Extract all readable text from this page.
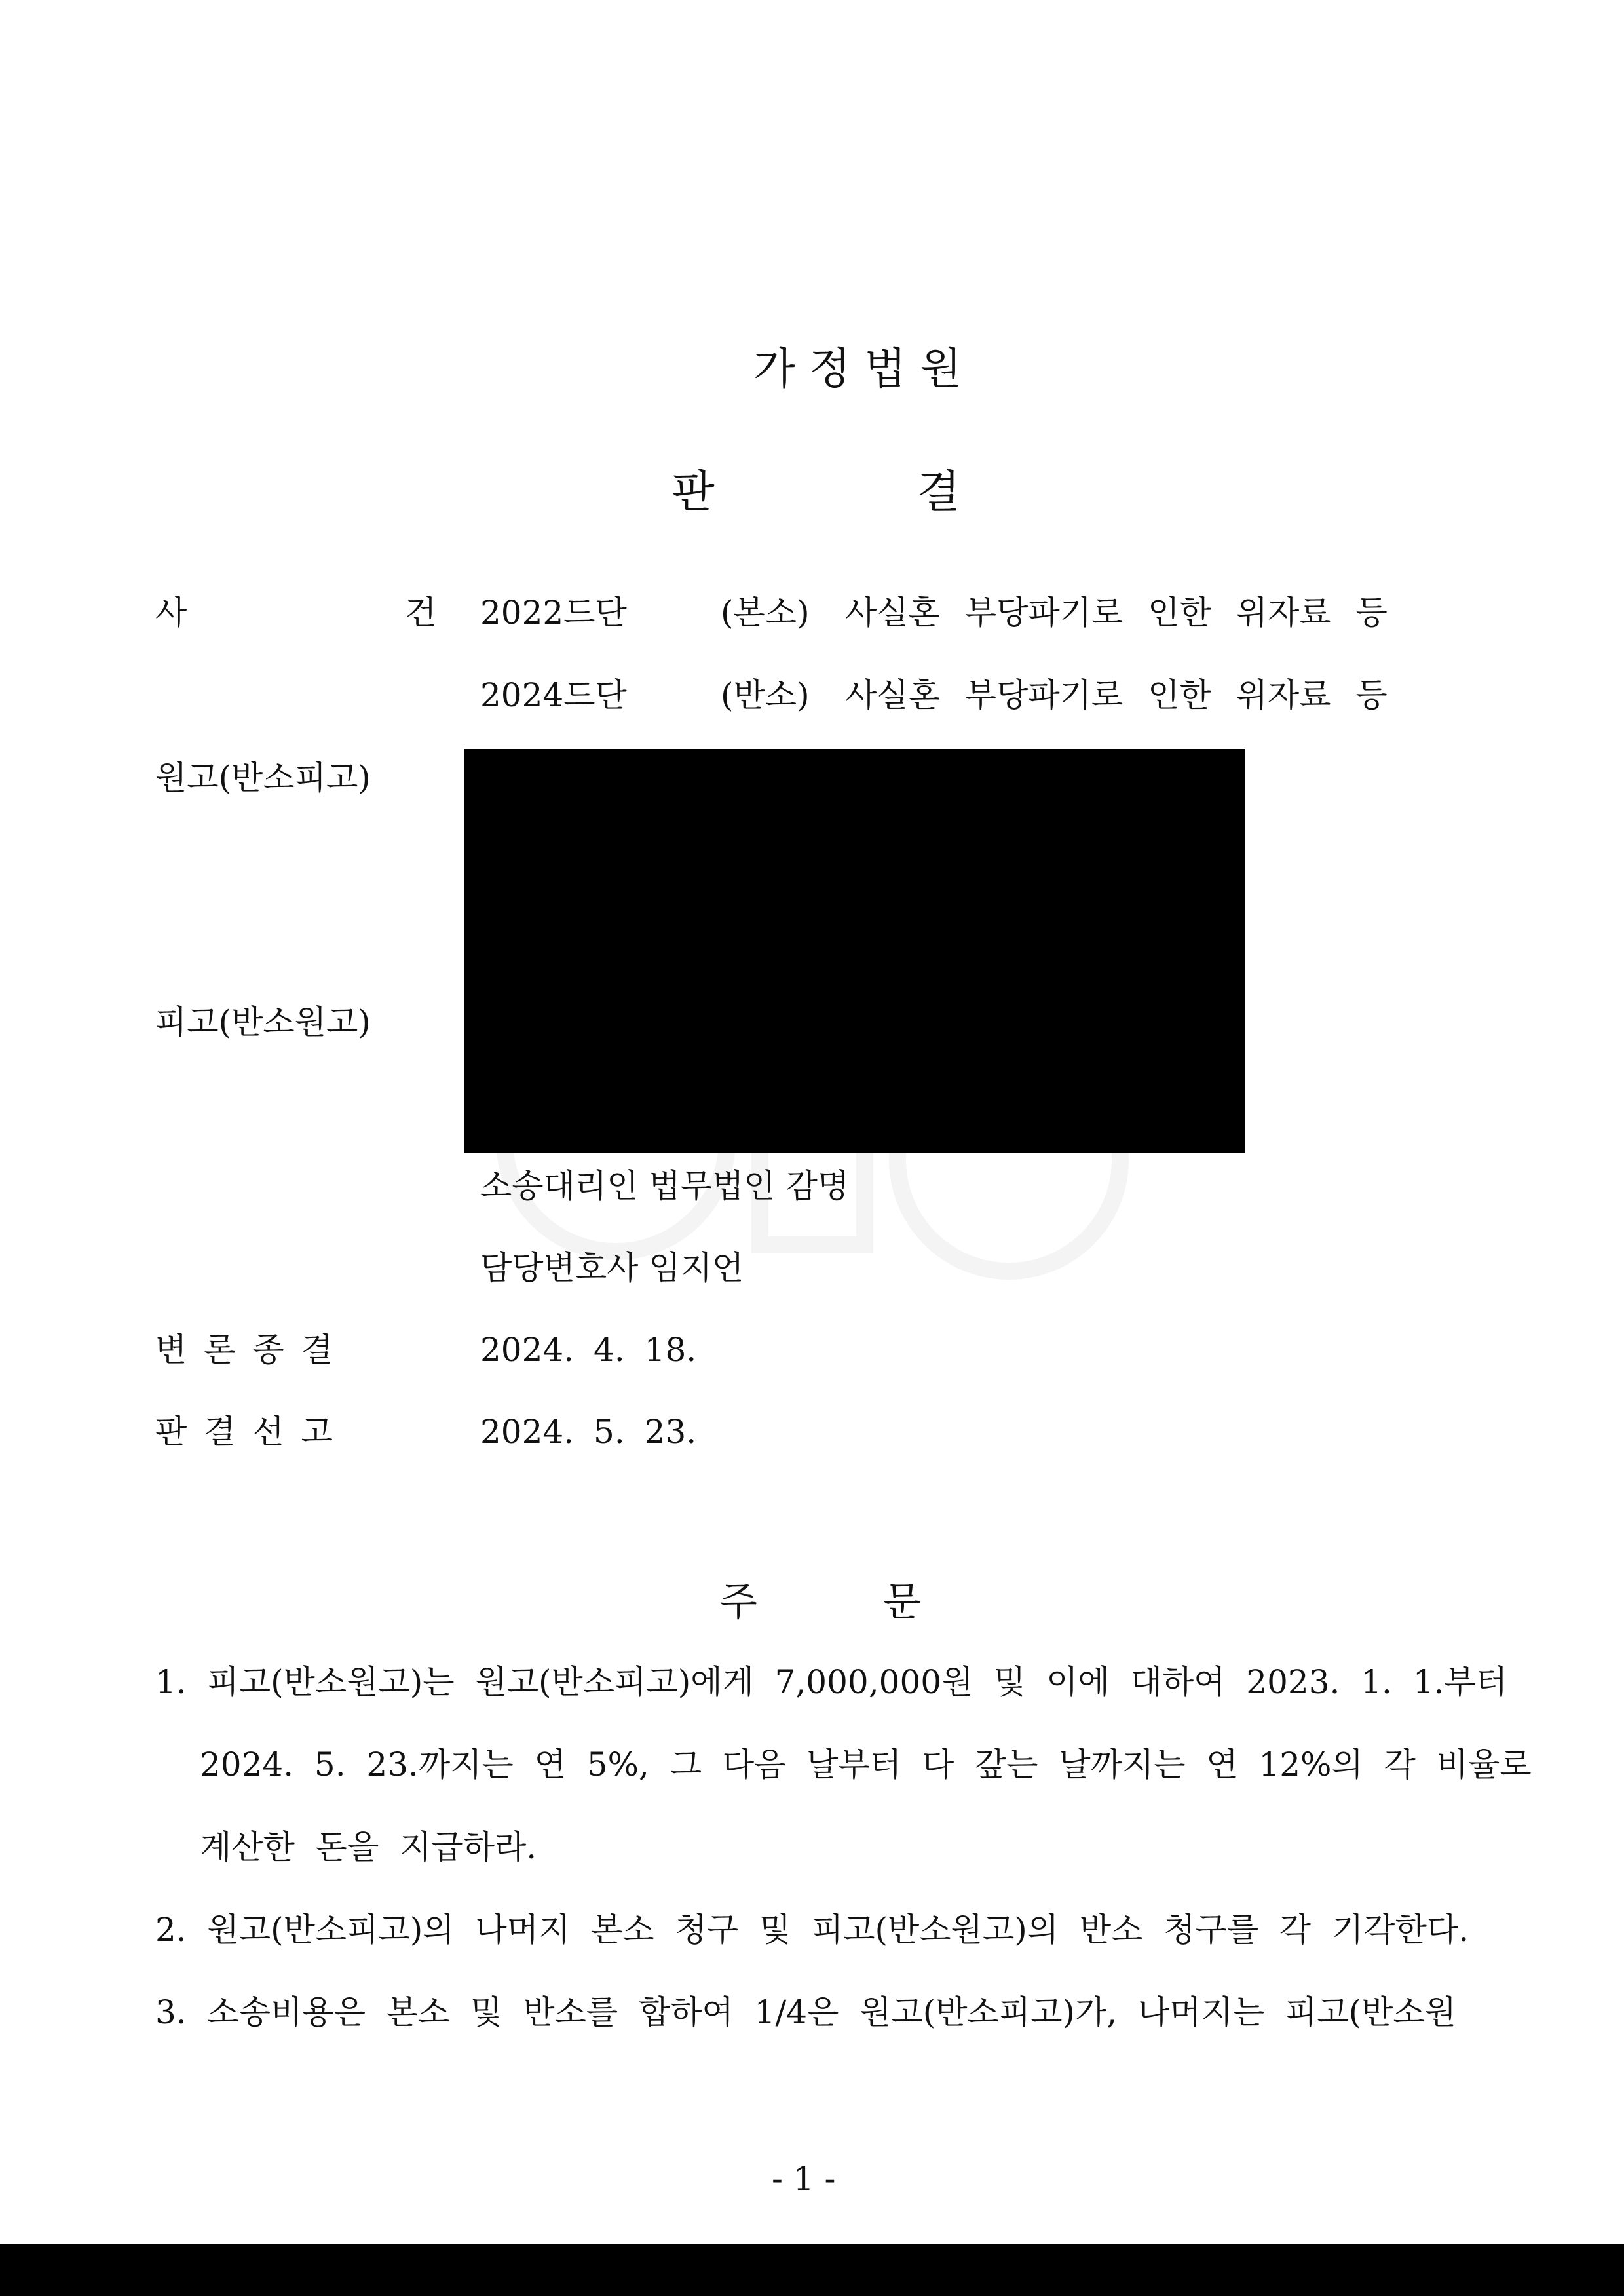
가 정 법 원
판	결
사   건 2022드단	(본소) 사실혼 부당파기로 인한 위자료 등
2024드단	(반소) 사실혼 부당파기로 인한 위자료 등
원고(반소피고)
피고(반소원고)
소송대리인 법무법인 감명
담당변호사 임지언
변 론 종 결	2024. 4. 18.
판 결 선 고	2024. 5. 23.
주	문
1.  피고(반소원고)는  원고(반소피고)에게  7,000,000원  및  이에  대하여  2023.  1.  1.부터
2024.  5.  23.까지는  연  5%,  그  다음  날부터  다  갚는  날까지는  연  12%의  각  비율로
계산한  돈을  지급하라.
2.  원고(반소피고)의  나머지  본소  청구  및  피고(반소원고)의  반소  청구를  각  기각한다.
3.  소송비용은  본소  및  반소를  합하여  1/4은  원고(반소피고)가,  나머지는  피고(반소원
- 1 -
